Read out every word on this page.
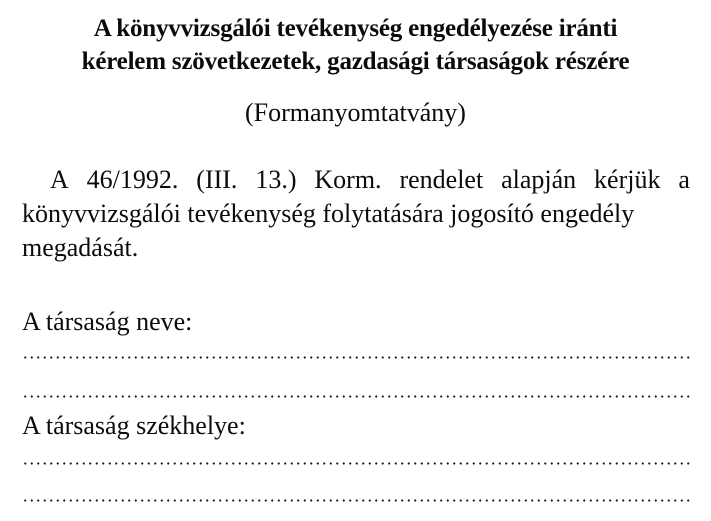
A könyvvizsgálói tevékenység engedélyezése iránti
kérelem szövetkezetek, gazdasági társaságok részére

(Formanyomtatvány)

A 46/1992. (III. 13.) Korm. rendelet alapján kérjük a
könyvvizsgálói tevékenység folytatására jogosító engedély
megadását.

A társaság neve:

A társaság székhelye:
